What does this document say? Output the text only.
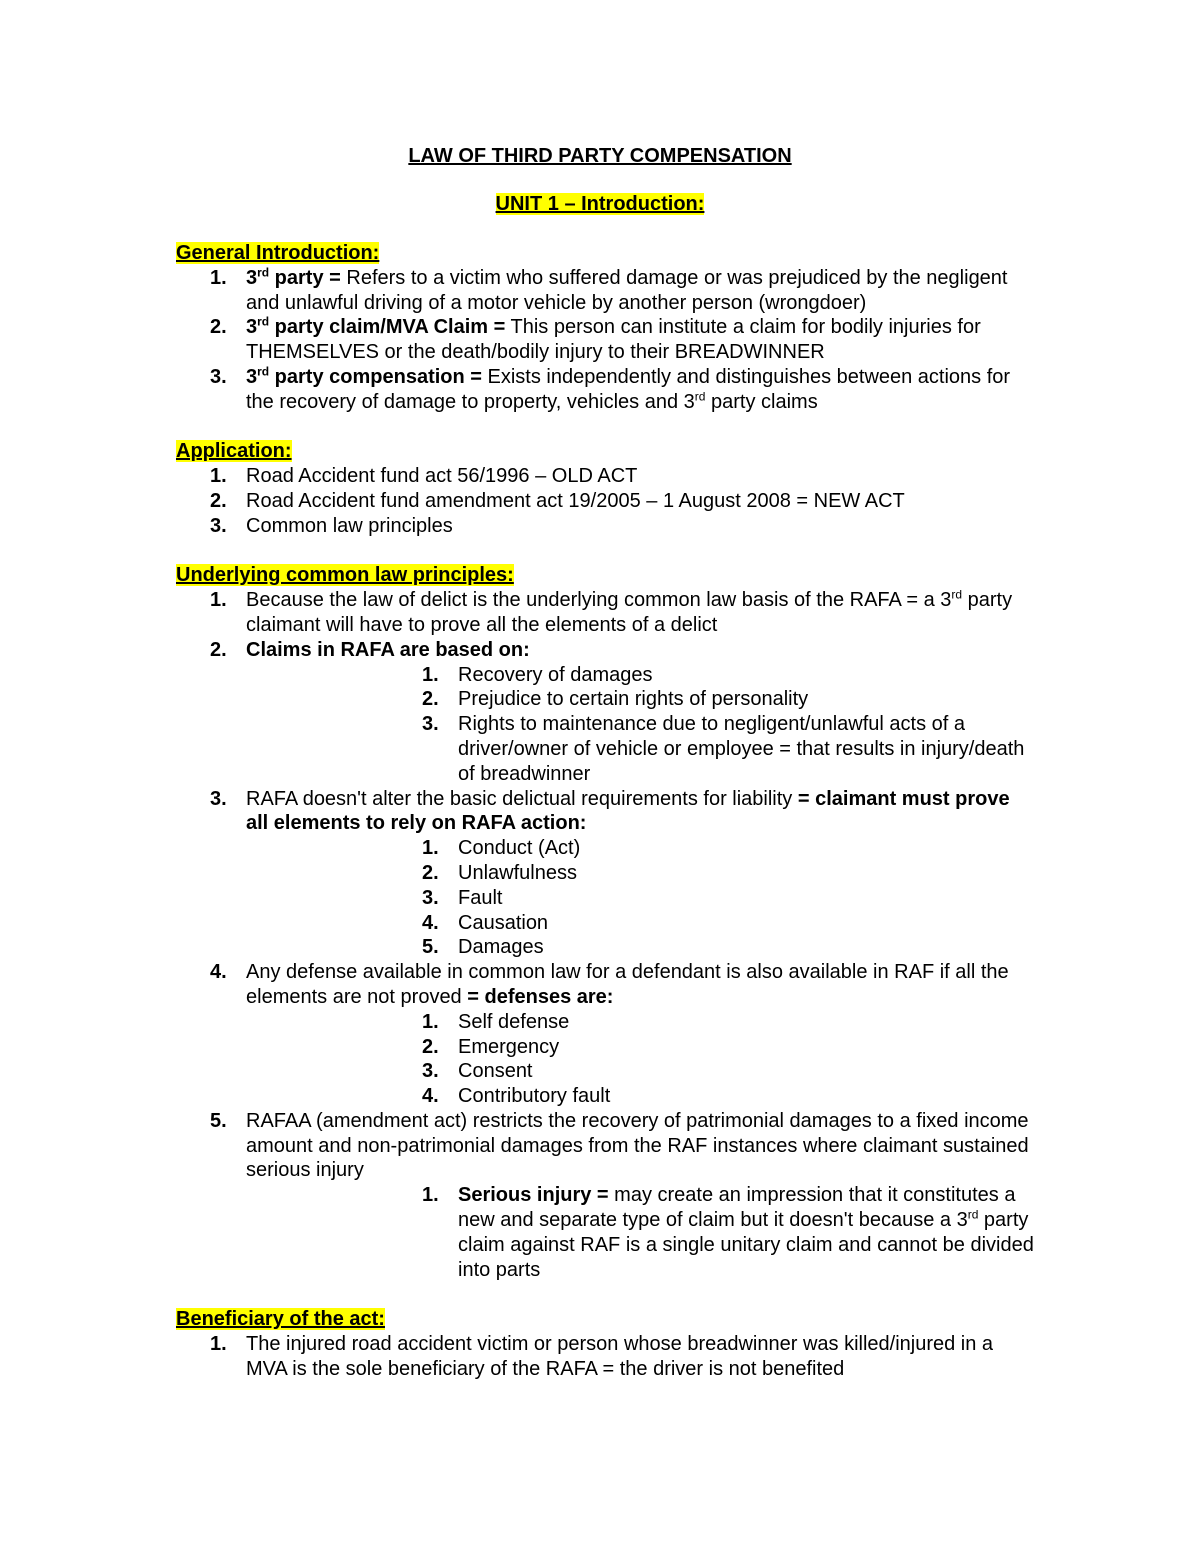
LAW OF THIRD PARTY COMPENSATION
UNIT 1 – Introduction:
General Introduction:
1. 3rd party = Refers to a victim who suffered damage or was prejudiced by the negligent and unlawful driving of a motor vehicle by another person (wrongdoer)
2. 3rd party claim/MVA Claim = This person can institute a claim for bodily injuries for THEMSELVES or the death/bodily injury to their BREADWINNER
3. 3rd party compensation = Exists independently and distinguishes between actions for the recovery of damage to property, vehicles and 3rd party claims
Application:
1. Road Accident fund act 56/1996 – OLD ACT
2. Road Accident fund amendment act 19/2005 – 1 August 2008 = NEW ACT
3. Common law principles
Underlying common law principles:
1. Because the law of delict is the underlying common law basis of the RAFA = a 3rd party claimant will have to prove all the elements of a delict
2. Claims in RAFA are based on:
1. Recovery of damages
2. Prejudice to certain rights of personality
3. Rights to maintenance due to negligent/unlawful acts of a driver/owner of vehicle or employee = that results in injury/death of breadwinner
3. RAFA doesn't alter the basic delictual requirements for liability = claimant must prove all elements to rely on RAFA action:
1. Conduct (Act)
2. Unlawfulness
3. Fault
4. Causation
5. Damages
4. Any defense available in common law for a defendant is also available in RAF if all the elements are not proved = defenses are:
1. Self defense
2. Emergency
3. Consent
4. Contributory fault
5. RAFAA (amendment act) restricts the recovery of patrimonial damages to a fixed income amount and non-patrimonial damages from the RAF instances where claimant sustained serious injury
1. Serious injury = may create an impression that it constitutes a new and separate type of claim but it doesn't because a 3rd party claim against RAF is a single unitary claim and cannot be divided into parts
Beneficiary of the act:
1. The injured road accident victim or person whose breadwinner was killed/injured in a MVA is the sole beneficiary of the RAFA = the driver is not benefited
